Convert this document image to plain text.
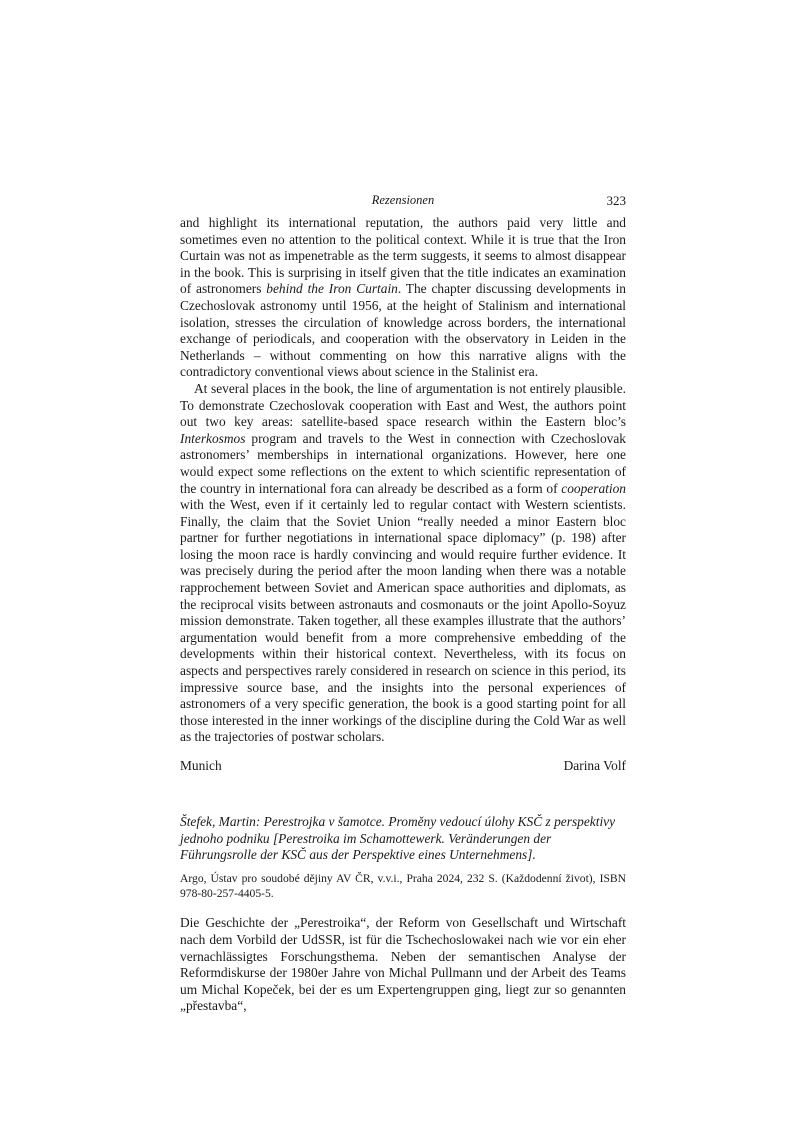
Rezensionen	323

and highlight its international reputation, the authors paid very little and sometimes even no attention to the political context. While it is true that the Iron Curtain was not as impenetrable as the term suggests, it seems to almost disappear in the book. This is surprising in itself given that the title indicates an examination of astronomers behind the Iron Curtain. The chapter discussing developments in Czechoslovak astronomy until 1956, at the height of Stalinism and international isolation, stresses the circulation of knowledge across borders, the international exchange of periodicals, and cooperation with the observatory in Leiden in the Netherlands – without commenting on how this narrative aligns with the contradictory conventional views about science in the Stalinist era.

At several places in the book, the line of argumentation is not entirely plausible. To demonstrate Czechoslovak cooperation with East and West, the authors point out two key areas: satellite-based space research within the Eastern bloc’s Interkosmos program and travels to the West in connection with Czechoslovak astronomers’ memberships in international organizations. However, here one would expect some reflections on the extent to which scientific representation of the country in international fora can already be described as a form of cooperation with the West, even if it certainly led to regular contact with Western scientists. Finally, the claim that the Soviet Union “really needed a minor Eastern bloc partner for further negotiations in international space diplomacy” (p. 198) after losing the moon race is hardly convincing and would require further evidence. It was precisely during the period after the moon landing when there was a notable rapprochement between Soviet and American space authorities and diplomats, as the reciprocal visits between astronauts and cosmonauts or the joint Apollo-Soyuz mission demonstrate. Taken together, all these examples illustrate that the authors’ argumentation would benefit from a more comprehensive embedding of the developments within their historical context. Nevertheless, with its focus on aspects and perspectives rarely considered in research on science in this period, its impressive source base, and the insights into the personal experiences of astronomers of a very specific generation, the book is a good starting point for all those interested in the inner workings of the discipline during the Cold War as well as the trajectories of postwar scholars.

Munich	Darina Volf
Štefek, Martin: Perestrojka v šamotce. Proměny vedoucí úlohy KSČ z perspektivy jednoho podniku [Perestroika im Schamottewerk. Veränderungen der Führungsrolle der KSČ aus der Perspektive eines Unternehmens].
Argo, Ústav pro soudobé dějiny AV ČR, v.v.i., Praha 2024, 232 S. (Každodenní život), ISBN 978-80-257-4405-5.
Die Geschichte der „Perestroika“, der Reform von Gesellschaft und Wirtschaft nach dem Vorbild der UdSSR, ist für die Tschechoslowakei nach wie vor ein eher vernachlässigtes Forschungsthema. Neben der semantischen Analyse der Reformdiskurse der 1980er Jahre von Michal Pullmann und der Arbeit des Teams um Michal Kopeček, bei der es um Expertengruppen ging, liegt zur so genannten „přestavba“,
